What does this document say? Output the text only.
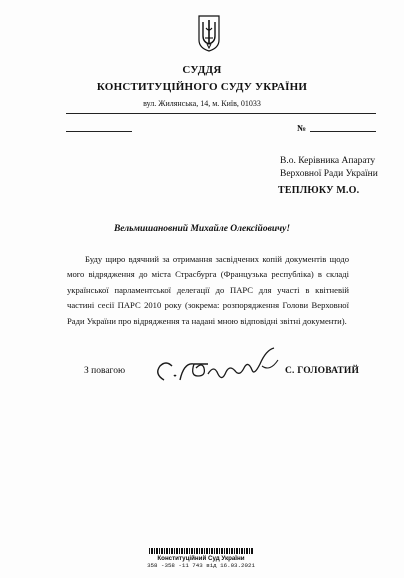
СУДДЯ
КОНСТИТУЦІЙНОГО СУДУ УКРАЇНИ
вул. Жилянська, 14, м. Київ, 01033
№
В.о. Керівника Апарату
Верховної Ради України
ТЕПЛЮКУ М.О.
Вельмишановний Михайле Олексійовичу!

Буду щиро вдячний за отримання засвідчених копій документів щодо мого відрядження до міста Страсбурга (Французька республіка) в складі української парламентської делегації до ПАРС для участі в квітневій частині сесії ПАРС 2010 року (зокрема: розпорядження Голови Верховної Ради України про відрядження та надані мною відповідні звітні документи).

З повагою	С. ГОЛОВАТИЙ
Конституційний Суд України
358 -358 -11 743 від 16.03.2021
